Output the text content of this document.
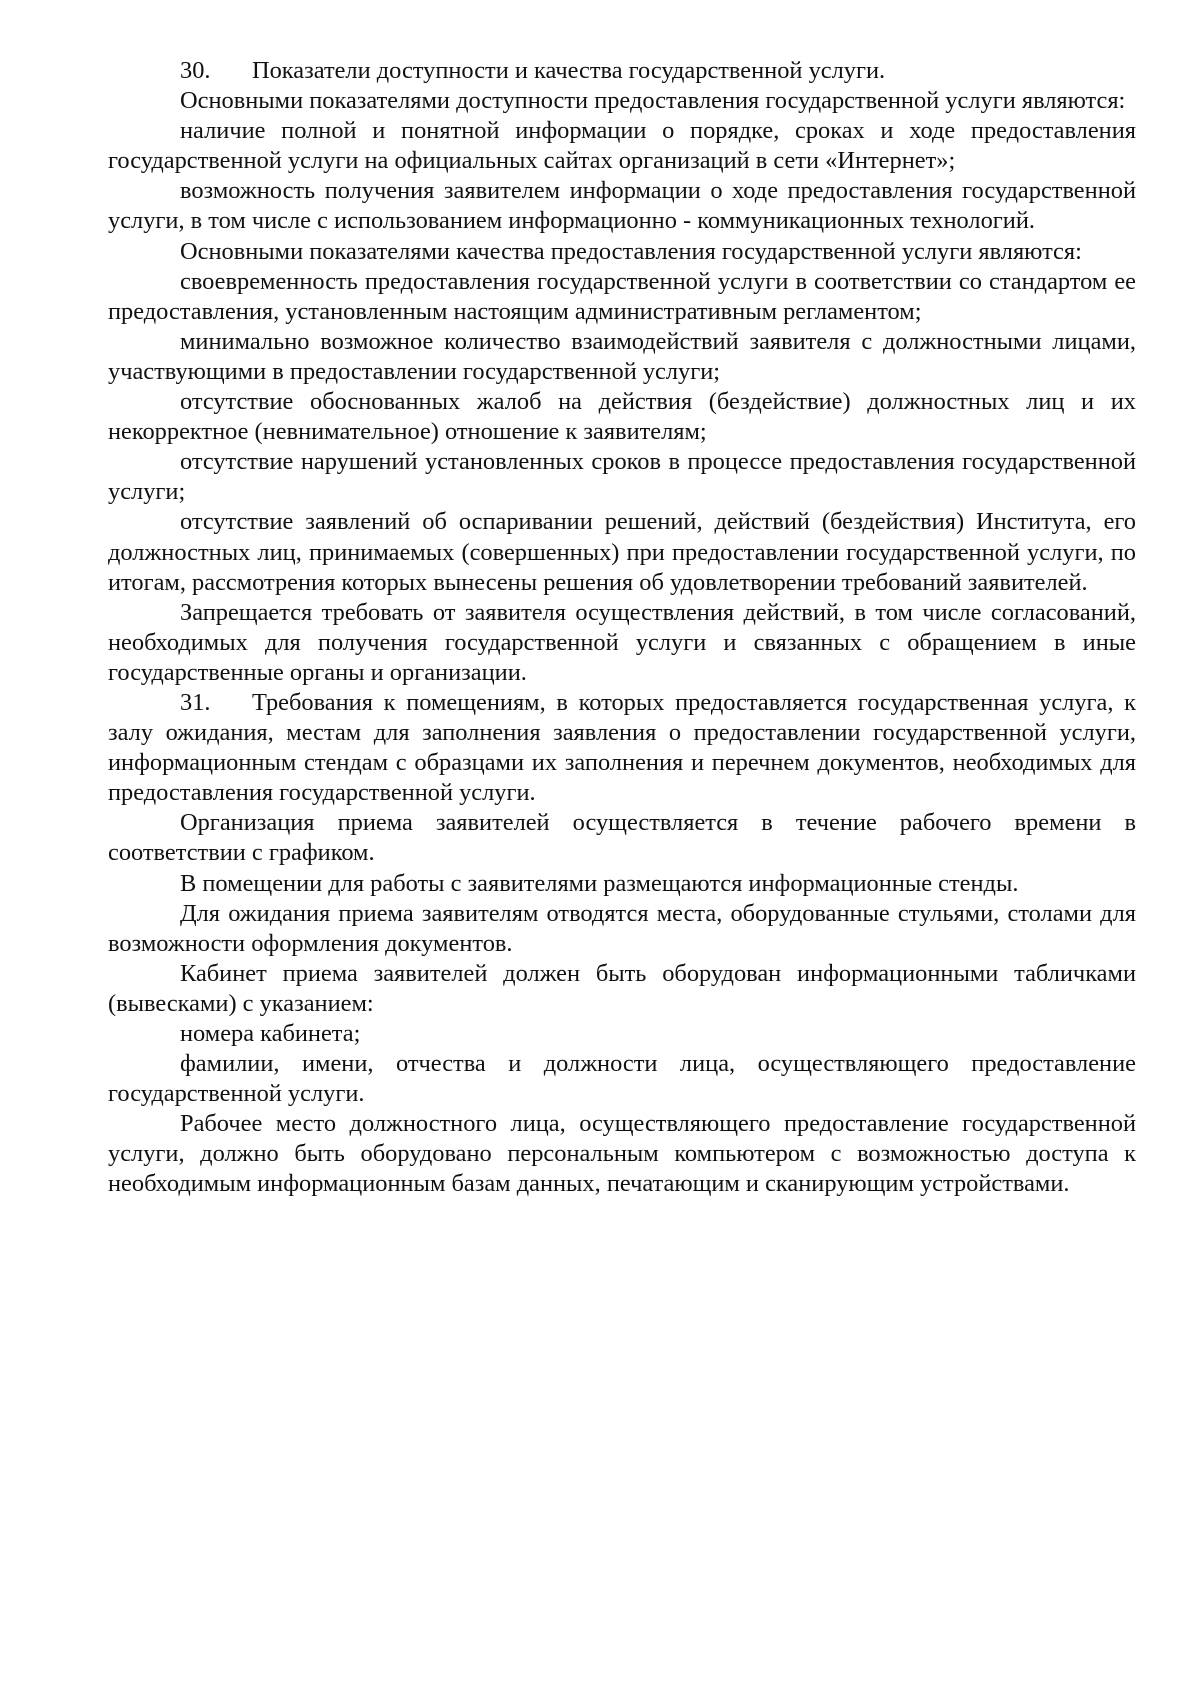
30. Показатели доступности и качества государственной услуги.

Основными показателями доступности предоставления государственной услуги являются:

наличие полной и понятной информации о порядке, сроках и ходе предоставления государственной услуги на официальных сайтах организаций в сети «Интернет»;

возможность получения заявителем информации о ходе предоставления государственной услуги, в том числе с использованием информационно - коммуникационных технологий.

Основными показателями качества предоставления государственной услуги являются:

своевременность предоставления государственной услуги в соответствии со стандартом ее предоставления, установленным настоящим административным регламентом;

минимально возможное количество взаимодействий заявителя с должностными лицами, участвующими в предоставлении государственной услуги;

отсутствие обоснованных жалоб на действия (бездействие) должностных лиц и их некорректное (невнимательное) отношение к заявителям;

отсутствие нарушений установленных сроков в процессе предоставления государственной услуги;

отсутствие заявлений об оспаривании решений, действий (бездействия) Института, его должностных лиц, принимаемых (совершенных) при предоставлении государственной услуги, по итогам, рассмотрения которых вынесены решения об удовлетворении требований заявителей.

Запрещается требовать от заявителя осуществления действий, в том числе согласований, необходимых для получения государственной услуги и связанных с обращением в иные государственные органы и организации.

31. Требования к помещениям, в которых предоставляется государственная услуга, к залу ожидания, местам для заполнения заявления о предоставлении государственной услуги, информационным стендам с образцами их заполнения и перечнем документов, необходимых для предоставления государственной услуги.

Организация приема заявителей осуществляется в течение рабочего времени в соответствии с графиком.

В помещении для работы с заявителями размещаются информационные стенды.

Для ожидания приема заявителям отводятся места, оборудованные стульями, столами для возможности оформления документов.

Кабинет приема заявителей должен быть оборудован информационными табличками (вывесками) с указанием:

номера кабинета;

фамилии, имени, отчества и должности лица, осуществляющего предоставление государственной услуги.

Рабочее место должностного лица, осуществляющего предоставление государственной услуги, должно быть оборудовано персональным компьютером с возможностью доступа к необходимым информационным базам данных, печатающим и сканирующим устройствами.
